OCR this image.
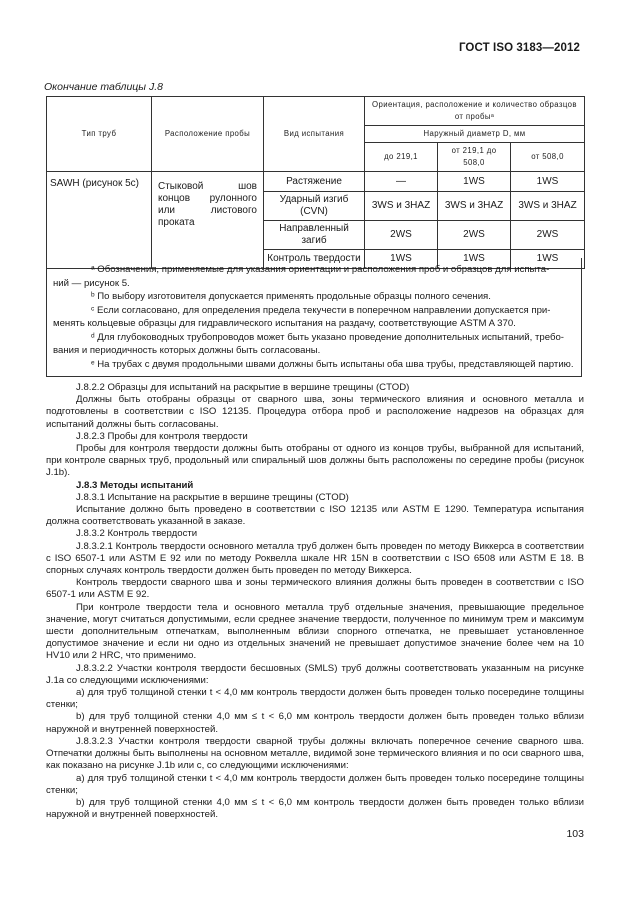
ГОСТ ISO 3183—2012
Окончание таблицы J.8
Тип труб	Расположение пробы	Вид испытания	Ориентация, расположение и количество образцов от пробыᵃ		
			Наружный диаметр D, мм		
			до 219,1	от 219,1 до 508,0	от 508,0
SAWH (рисунок 5с)	Стыковой шов концов рулонного или листового проката	Растяжение	—	1WS	1WS
		Ударный изгиб (CVN)	3WS и 3HAZ	3WS и 3HAZ	3WS и 3HAZ
		Направленный загиб	2WS	2WS	2WS
		Контроль твердости	1WS	1WS	1WS

ᵃ Обозначения, применяемые для указания ориентации и расположения проб и образцов для испыта-

ний — рисунок 5.

ᵇ По выбору изготовителя допускается применять продольные образцы полного сечения.

ᶜ Если согласовано, для определения предела текучести в поперечном направлении допускается при-

менять кольцевые образцы для гидравлического испытания на раздачу, соответствующие ASTM A 370.

ᵈ Для глубоководных трубопроводов может быть указано проведение дополнительных испытаний, требо-

вания и периодичность которых должны быть согласованы.

ᵉ На трубах с двумя продольными швами должны быть испытаны оба шва трубы, представляющей партию.

J.8.2.2 Образцы для испытаний на раскрытие в вершине трещины (CTOD)

Должны быть отобраны образцы от сварного шва, зоны термического влияния и основного металла и подготовлены в соответствии с ISO 12135. Процедура отбора проб и расположение надрезов на образцах для испытаний должны быть согласованы.

J.8.2.3 Пробы для контроля твердости

Пробы для контроля твердости должны быть отобраны от одного из концов трубы, выбранной для испытаний, при контроле сварных труб, продольный или спиральный шов должны быть расположены по середине пробы (рисунок J.1b).

J.8.3 Методы испытаний

J.8.3.1 Испытание на раскрытие в вершине трещины (CTOD)

Испытание должно быть проведено в соответствии с ISO 12135 или ASTM E 1290. Температура испытания должна соответствовать указанной в заказе.

J.8.3.2 Контроль твердости

J.8.3.2.1 Контроль твердости основного металла труб должен быть проведен по методу Виккерса в соответствии с ISO 6507-1 или ASTM E 92 или по методу Роквелла шкале HR 15N в соответствии с ISO 6508 или ASTM E 18. В спорных случаях контроль твердости должен быть проведен по методу Виккерса.

Контроль твердости сварного шва и зоны термического влияния должны быть проведен в соответствии с ISO 6507-1 или ASTM E 92.

При контроле твердости тела и основного металла труб отдельные значения, превышающие предельное значение, могут считаться допустимыми, если среднее значение твердости, полученное по минимум трем и максимум шести дополнительным отпечаткам, выполненным вблизи спорного отпечатка, не превышает установленное допустимое значение и если ни одно из отдельных значений не превышает допустимое значение более чем на 10 HV10 или 2 HRC, что применимо.

J.8.3.2.2 Участки контроля твердости бесшовных (SMLS) труб должны соответствовать указанным на рисунке J.1a со следующими исключениями:

a) для труб толщиной стенки t < 4,0 мм контроль твердости должен быть проведен только посередине толщины стенки;

b) для труб толщиной стенки 4,0 мм ≤ t < 6,0 мм контроль твердости должен быть проведен только вблизи наружной и внутренней поверхностей.

J.8.3.2.3 Участки контроля твердости сварной трубы должны включать поперечное сечение сварного шва. Отпечатки должны быть выполнены на основном металле, видимой зоне термического влияния и по оси сварного шва, как показано на рисунке J.1b или c, со следующими исключениями:

a) для труб толщиной стенки t < 4,0 мм контроль твердости должен быть проведен только посередине толщины стенки;

b) для труб толщиной стенки 4,0 мм ≤ t < 6,0 мм контроль твердости должен быть проведен только вблизи наружной и внутренней поверхностей.

103
